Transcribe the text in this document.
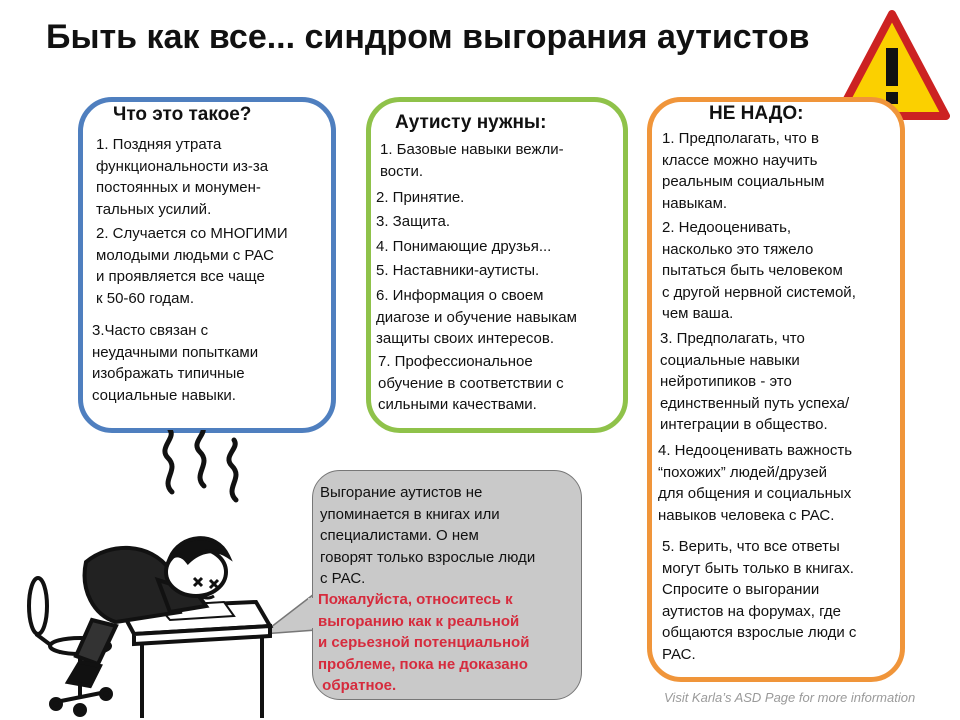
Быть как все... синдром выгорания аутистов
Что это такое?
1. Поздняя утрата
функциональности из-за
постоянных и монумен-
тальных усилий.
2. Случается со МНОГИМИ
молодыми людьми с РАС
и проявляется все чаще
к 50-60 годам.
3.Часто связан с
неудачными попытками
изображать типичные
социальные навыки.
Аутисту нужны:
1. Базовые навыки вежли-
вости.
2. Принятие.
3. Защита.
4. Понимающие друзья...
5. Наставники-аутисты.
6. Информация о своем
диагозе и обучение навыкам
защиты своих интересов.
7. Профессиональное
обучение в соответствии с
сильными качествами.
НЕ НАДО:
1. Предполагать, что в
классе можно научить
реальным социальным
навыкам.
2. Недооценивать,
насколько это тяжело
пытаться быть человеком
с другой нервной системой,
чем ваша.
3. Предполагать, что
социальные навыки
нейротипиков - это
единственный путь успеха/
интеграции в общество.
4. Недооценивать важность
“похожих” людей/друзей
для общения и социальных
навыков человека с РАС.
5. Верить, что все ответы
могут быть только в книгах.
Спросите о выгорании
аутистов на форумах, где
общаются взрослые люди с
РАС.
Выгорание аутистов не
упоминается в книгах или
специалистами. О нем
говорят только взрослые люди
с РАС.
Пожалуйста, относитесь к
выгоранию как к реальной
и серьезной потенциальной
проблеме, пока не доказано
обратное.
Visit Karla’s ASD Page for more information
